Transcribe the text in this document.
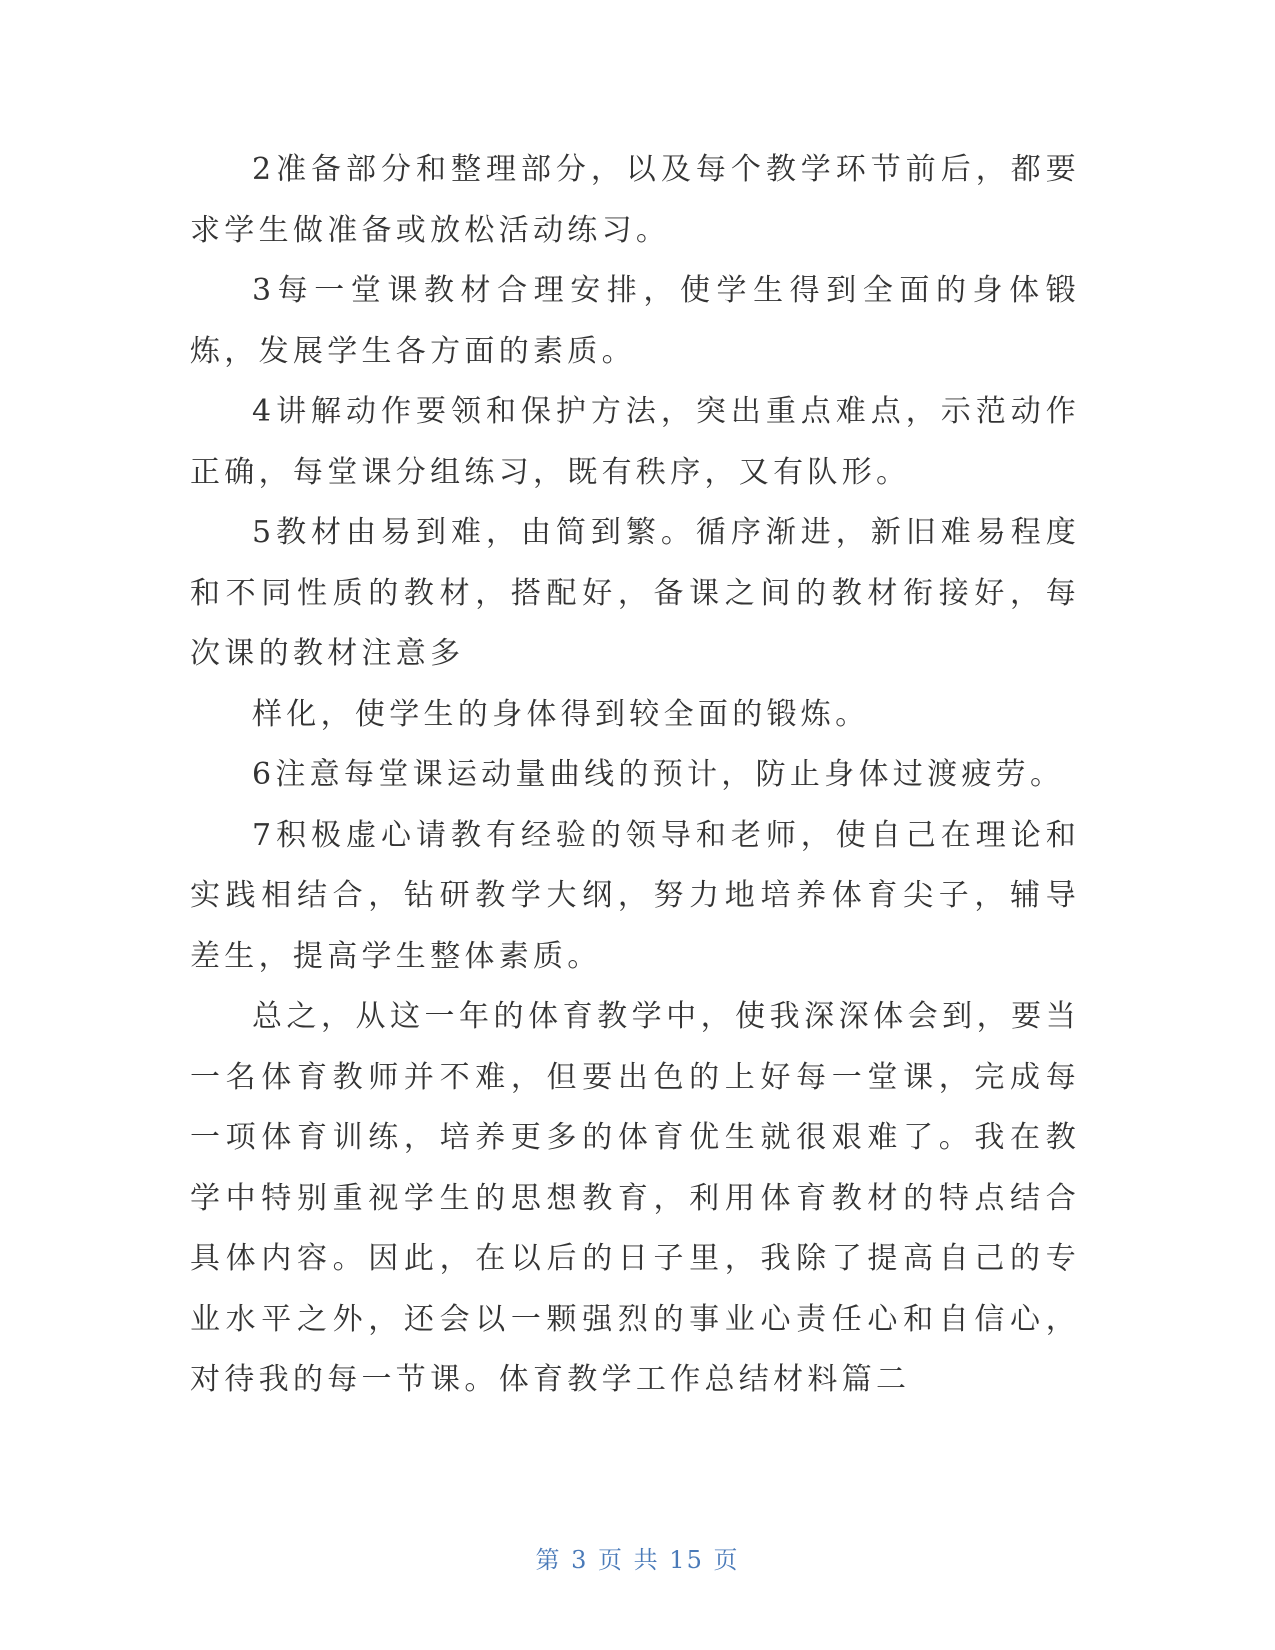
2准备部分和整理部分，以及每个教学环节前后，都要求学生做准备或放松活动练习。

3每一堂课教材合理安排，使学生得到全面的身体锻炼，发展学生各方面的素质。

4讲解动作要领和保护方法，突出重点难点，示范动作正确，每堂课分组练习，既有秩序，又有队形。

5教材由易到难，由简到繁。循序渐进，新旧难易程度和不同性质的教材，搭配好，备课之间的教材衔接好，每次课的教材注意多

样化，使学生的身体得到较全面的锻炼。

6注意每堂课运动量曲线的预计，防止身体过渡疲劳。

7积极虚心请教有经验的领导和老师，使自己在理论和实践相结合，钻研教学大纲，努力地培养体育尖子，辅导差生，提高学生整体素质。

总之，从这一年的体育教学中，使我深深体会到，要当一名体育教师并不难，但要出色的上好每一堂课，完成每一项体育训练，培养更多的体育优生就很艰难了。我在教学中特别重视学生的思想教育，利用体育教材的特点结合具体内容。因此，在以后的日子里，我除了提高自己的专业水平之外，还会以一颗强烈的事业心责任心和自信心，对待我的每一节课。体育教学工作总结材料篇二

第 3 页 共 15 页
